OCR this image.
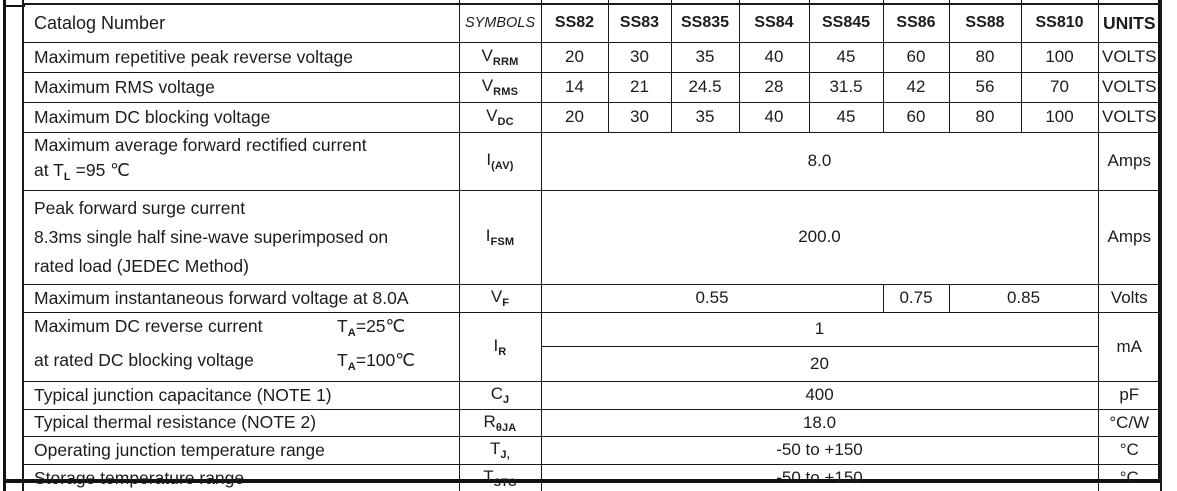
Catalog Number	SYMBOLS	SS82	SS83	SS835	SS84	SS845	SS86	SS88	SS810	UNITS
Maximum repetitive peak reverse voltage	$V_{RRM}$	20	30	35	40	45	60	80	100	VOLTS
Maximum RMS voltage	$V_{RMS}$	14	21	24.5	28	31.5	42	56	70	VOLTS
Maximum DC blocking voltage	$V_{DC}$	20	30	35	40	45	60	80	100	VOLTS

Maximum average forward rectified current
at $T_L =95$ ℃	$I_{(AV)}$	8.0								Amps

Peak forward surge current
8.3ms single half sine-wave superimposed on
rated load (JEDEC Method)	$I_{FSM}$	200.0								Amps
Maximum instantaneous forward voltage at 8.0A	$V_F$	0.55					0.75	0.85		Volts

Maximum DC reverse current $T_A=25℃$
at rated DC blocking voltage $T_A=100℃$	$I_R$	1								mA
		20								
Typical junction capacitance (NOTE 1)	$C_J$	400								pF
Typical thermal resistance (NOTE 2)	$R_{\theta JA}$	18.0								°C/W
Operating junction temperature range	$T_{J,}$	-50 to +150								°C
Storage temperature range	$T_{STG}$	-50 to +150								°C
